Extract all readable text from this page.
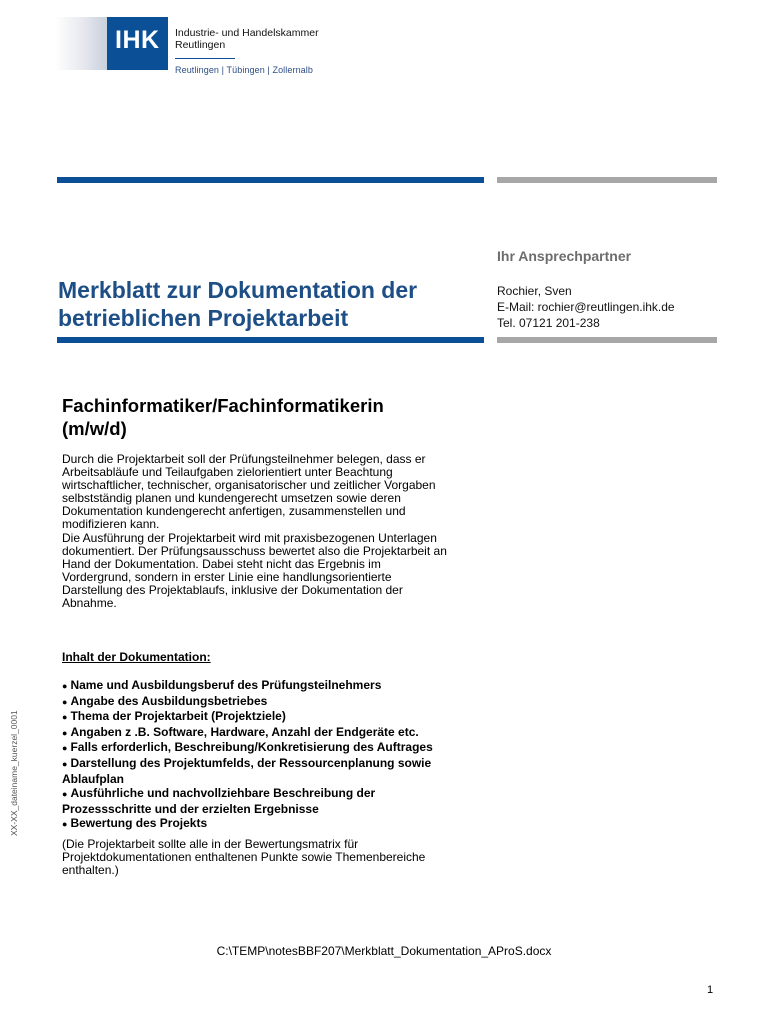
IHK Industrie- und Handelskammer
Reutlingen
Reutlingen | Tübingen | Zollernalb
Ihr Ansprechpartner
Rochier, Sven
E-Mail: rochier@reutlingen.ihk.de
Tel. 07121 201-238
Merkblatt zur Dokumentation der
betrieblichen Projektarbeit
Fachinformatiker/Fachinformatikerin
(m/w/d)
Durch die Projektarbeit soll der Prüfungsteilnehmer belegen, dass er
Arbeitsabläufe und Teilaufgaben zielorientiert unter Beachtung
wirtschaftlicher, technischer, organisatorischer und zeitlicher Vorgaben
selbstständig planen und kundengerecht umsetzen sowie deren
Dokumentation kundengerecht anfertigen, zusammenstellen und
modifizieren kann.
Die Ausführung der Projektarbeit wird mit praxisbezogenen Unterlagen
dokumentiert. Der Prüfungsausschuss bewertet also die Projektarbeit an
Hand der Dokumentation. Dabei steht nicht das Ergebnis im
Vordergrund, sondern in erster Linie eine handlungsorientierte
Darstellung des Projektablaufs, inklusive der Dokumentation der
Abnahme.
Inhalt der Dokumentation:
● Name und Ausbildungsberuf des Prüfungsteilnehmers
● Angabe des Ausbildungsbetriebes
● Thema der Projektarbeit (Projektziele)
● Angaben z .B. Software, Hardware, Anzahl der Endgeräte etc.
● Falls erforderlich, Beschreibung/Konkretisierung des Auftrages
● Darstellung des Projektumfelds, der Ressourcenplanung sowie
Ablaufplan
● Ausführliche und nachvollziehbare Beschreibung der
Prozessschritte und der erzielten Ergebnisse
● Bewertung des Projekts
(Die Projektarbeit sollte alle in der Bewertungsmatrix für
Projektdokumentationen enthaltenen Punkte sowie Themenbereiche
enthalten.)
XX-XX_dateiname_kuerzel_0001
C:\TEMP\notesBBF207\Merkblatt_Dokumentation_AProS.docx
1
